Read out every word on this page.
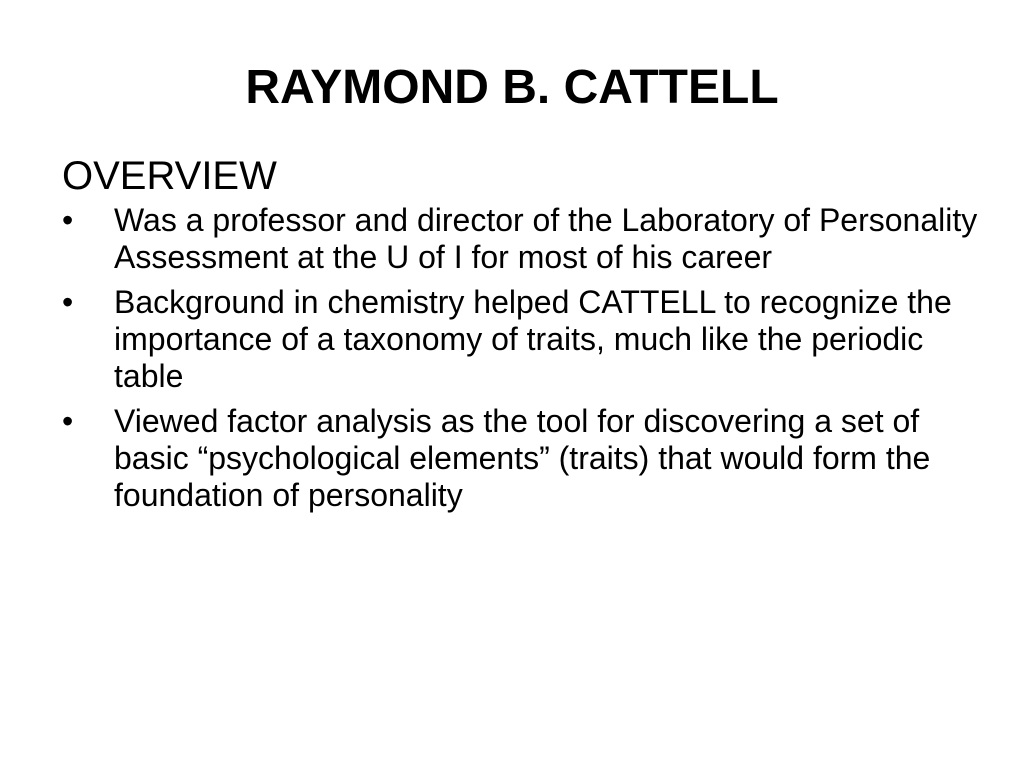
RAYMOND B. CATTELL
OVERVIEW
•	Was a professor and director of the Laboratory of Personality Assessment at the U of I for most of his career
•	Background in chemistry helped CATTELL to recognize the importance of a taxonomy of traits, much like the periodic table
•	Viewed factor analysis as the tool for discovering a set of basic “psychological elements” (traits) that would form the foundation of personality
